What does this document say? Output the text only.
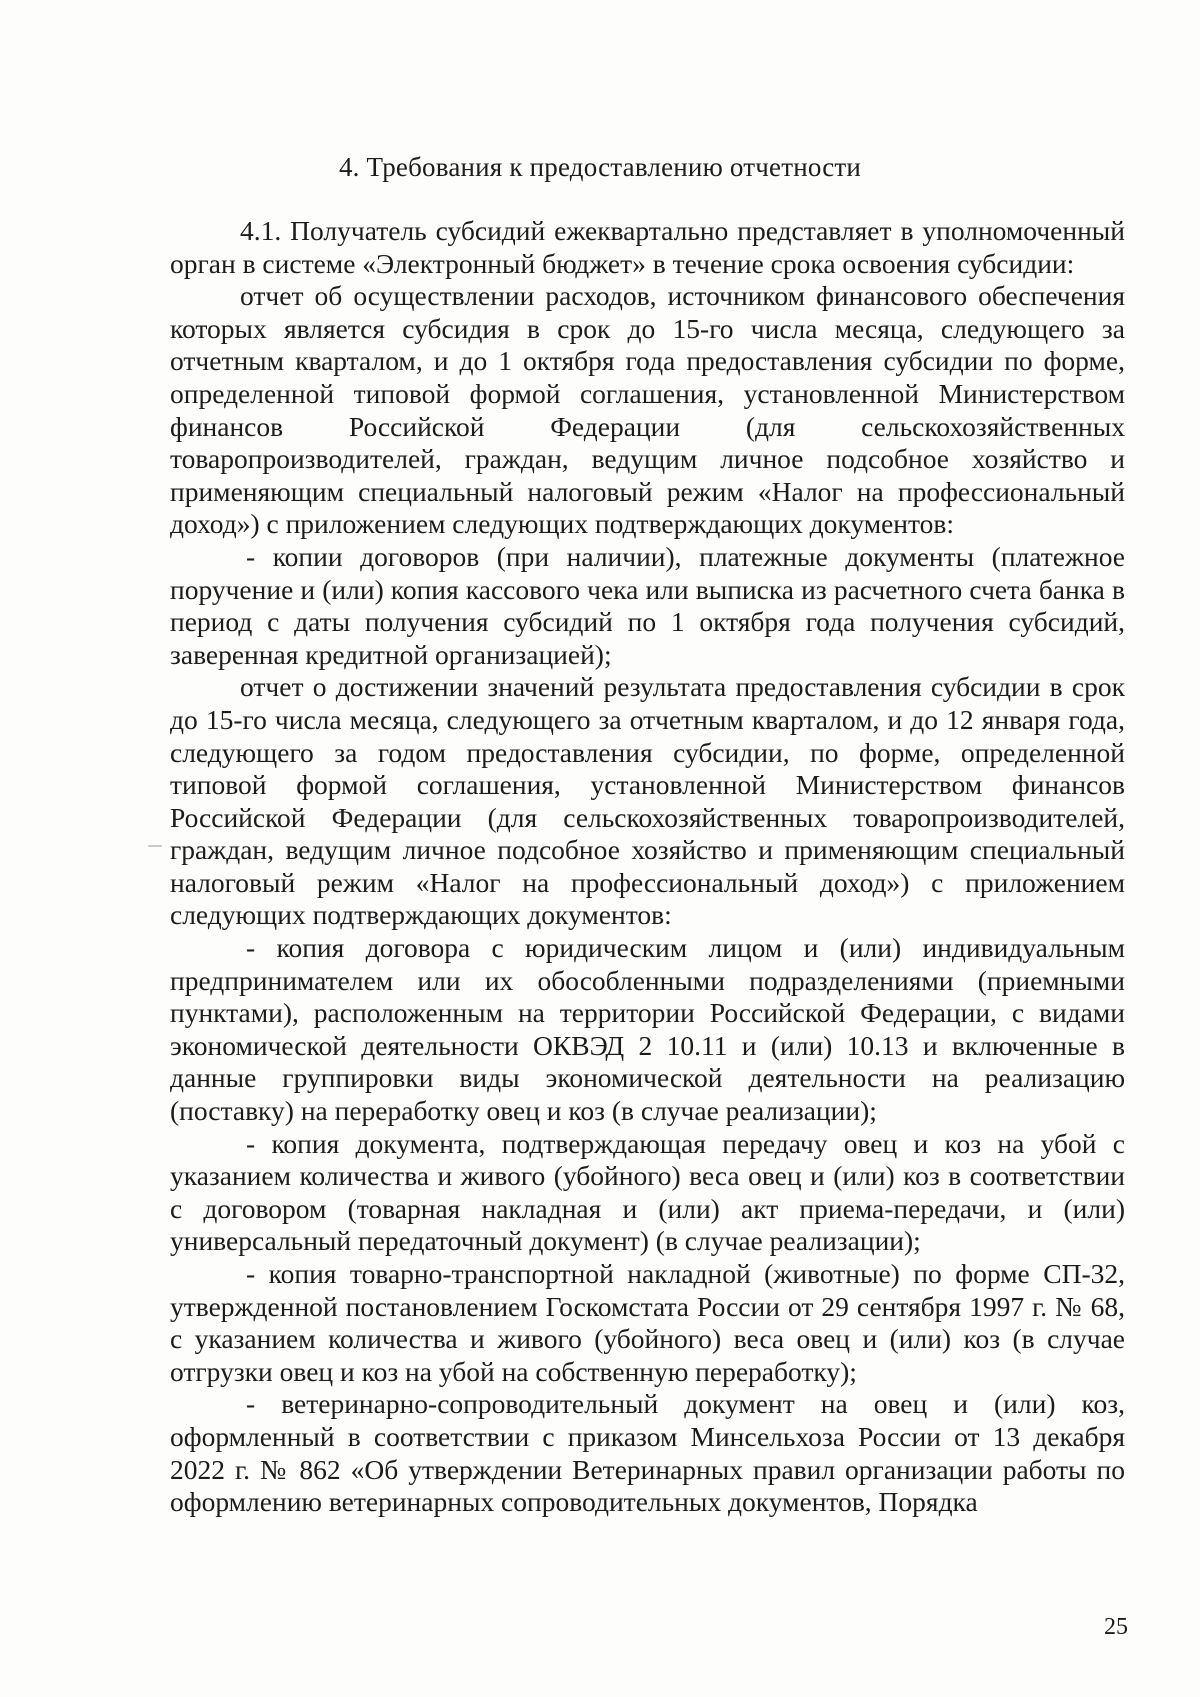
4. Требования к предоставлению отчетности

4.1. Получатель субсидий ежеквартально представляет в уполномоченный орган в системе «Электронный бюджет» в течение срока освоения субсидии:

отчет об осуществлении расходов, источником финансового обеспечения которых является субсидия в срок до 15-го числа месяца, следующего за отчетным кварталом, и до 1 октября года предоставления субсидии по форме, определенной типовой формой соглашения, установленной Министерством финансов Российской Федерации (для сельскохозяйственных товаропроизводителей, граждан, ведущим личное подсобное хозяйство и применяющим специальный налоговый режим «Налог на профессиональный доход») с приложением следующих подтверждающих документов:

- копии договоров (при наличии), платежные документы (платежное поручение и (или) копия кассового чека или выписка из расчетного счета банка в период с даты получения субсидий по 1 октября года получения субсидий, заверенная кредитной организацией);

отчет о достижении значений результата предоставления субсидии в срок до 15-го числа месяца, следующего за отчетным кварталом, и до 12 января года, следующего за годом предоставления субсидии, по форме, определенной типовой формой соглашения, установленной Министерством финансов Российской Федерации (для сельскохозяйственных товаропроизводителей, граждан, ведущим личное подсобное хозяйство и применяющим специальный налоговый режим «Налог на профессиональный доход») с приложением следующих подтверждающих документов:

- копия договора с юридическим лицом и (или) индивидуальным предпринимателем или их обособленными подразделениями (приемными пунктами), расположенным на территории Российской Федерации, с видами экономической деятельности ОКВЭД 2 10.11 и (или) 10.13 и включенные в данные группировки виды экономической деятельности на реализацию (поставку) на переработку овец и коз (в случае реализации);

- копия документа, подтверждающая передачу овец и коз на убой с указанием количества и живого (убойного) веса овец и (или) коз в соответствии с договором (товарная накладная и (или) акт приема-передачи, и (или) универсальный передаточный документ) (в случае реализации);

- копия товарно-транспортной накладной (животные) по форме СП-32, утвержденной постановлением Госкомстата России от 29 сентября 1997 г. № 68, с указанием количества и живого (убойного) веса овец и (или) коз (в случае отгрузки овец и коз на убой на собственную переработку);

- ветеринарно-сопроводительный документ на овец и (или) коз, оформленный в соответствии с приказом Минсельхоза России от 13 декабря 2022 г. № 862 «Об утверждении Ветеринарных правил организации работы по оформлению ветеринарных сопроводительных документов, Порядка

25
